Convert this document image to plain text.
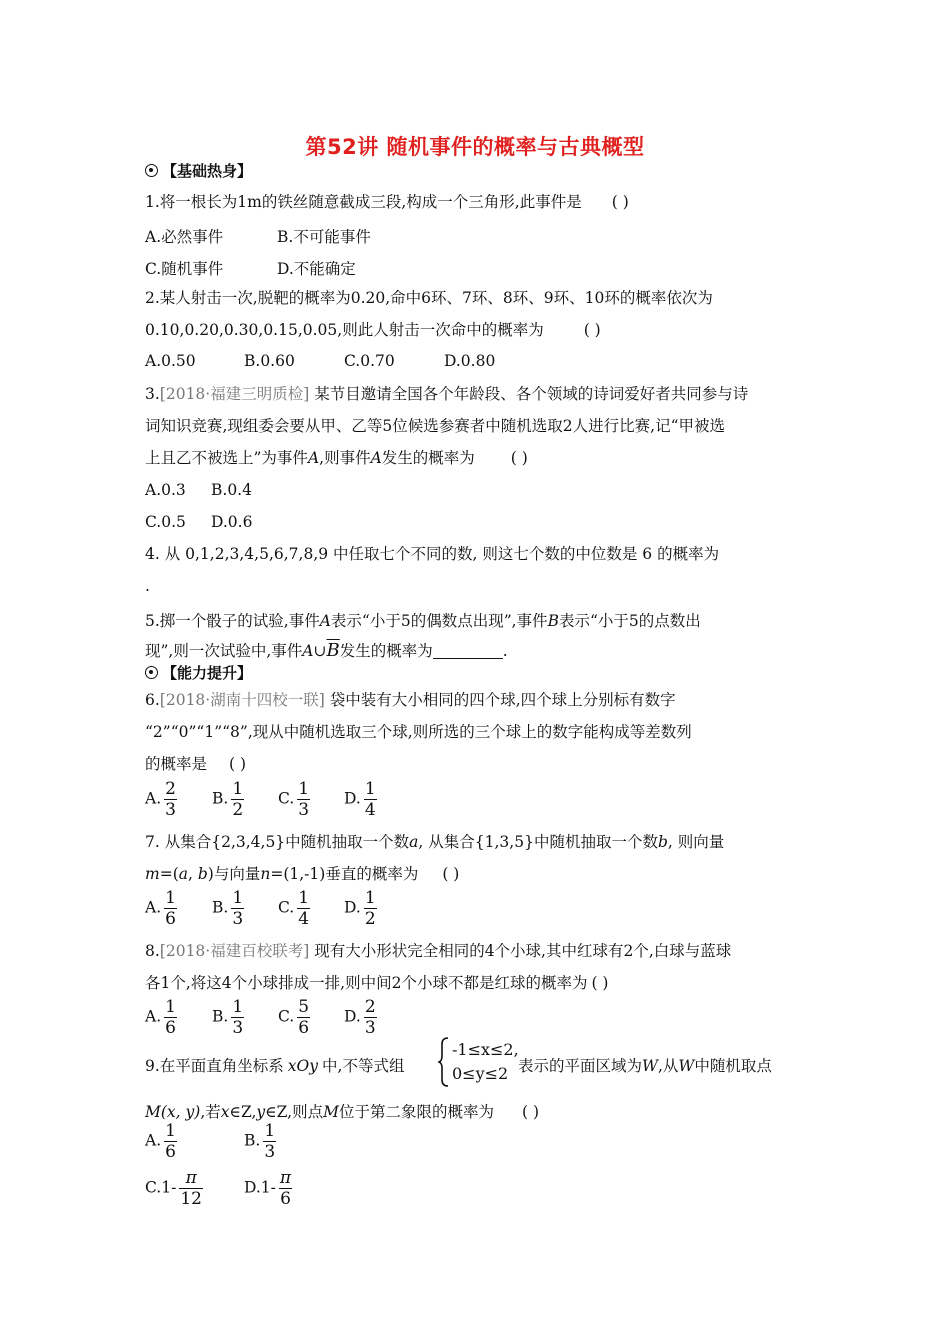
第52讲 随机事件的概率与古典概型
【基础热身】
1.将一根长为1m的铁丝随意截成三段,构成一个三角形,此事件是 ( )
A.必然事件	B.不可能事件
C.随机事件	D.不能确定
2.某人射击一次,脱靶的概率为0.20,命中6环、7环、8环、9环、10环的概率依次为
0.10,0.20,0.30,0.15,0.05,则此人射击一次命中的概率为	( )
A.0.50	B.0.60	C.0.70	D.0.80
3.[2018·福建三明质检] 某节目邀请全国各个年龄段、各个领域的诗词爱好者共同参与诗
词知识竞赛,现组委会要从甲、乙等5位候选参赛者中随机选取2人进行比赛,记“甲被选
上且乙不被选上”为事件A,则事件A发生的概率为 ( )
A.0.3 B.0.4
C.0.5 D.0.6
4. 从 0,1,2,3,4,5,6,7,8,9 中任取七个不同的数, 则这七个数的中位数是 6 的概率为
.
5.掷一个骰子的试验,事件A表示“小于5的偶数点出现”,事件B表示“小于5的点数出
现”,则一次试验中,事件$A\cup\overline{B}$发生的概率为	.
【能力提升】
6.[2018·湖南十四校一联] 袋中装有大小相同的四个球,四个球上分别标有数字
“2”“0”“1”“8”,现从中随机选取三个球,则所选的三个球上的数字能构成等差数列
的概率是 ( )
A. $\frac{2}{3} B$. $\frac{1}{2} C$. $\frac{1}{3} D$. $\frac{1}{4}$
7. 从集合{2,3,4,5}中随机抽取一个数a, 从集合{1,3,5}中随机抽取一个数b, 则向量
m=(a, b)与向量n=(1,-1)垂直的概率为 ( )
A. $\frac{1}{6} B$. $\frac{1}{3} C$. $\frac{1}{4} D$. $\frac{1}{2}$
8.[2018·福建百校联考] 现有大小形状完全相同的4个小球,其中红球有2个,白球与蓝球
各1个,将这4个小球排成一排,则中间2个小球不都是红球的概率为 ( )
A. $\frac{1}{6} B$. $\frac{1}{3} C$. $\frac{5}{6} D$. $\frac{2}{3}$
9.在平面直角坐标系 xOy 中,不等式组
-1≤x≤2,
0≤y≤2 表示的平面区域为W,从W中随机取点
M(x, y),若x∈Z,y∈Z,则点M位于第二象限的概率为 ( )
A. $\frac{1}{6}$	B. $\frac{1}{3}$
$C.1- \frac{\pi}{12}$	$D.1- \frac{\pi}{6}$
